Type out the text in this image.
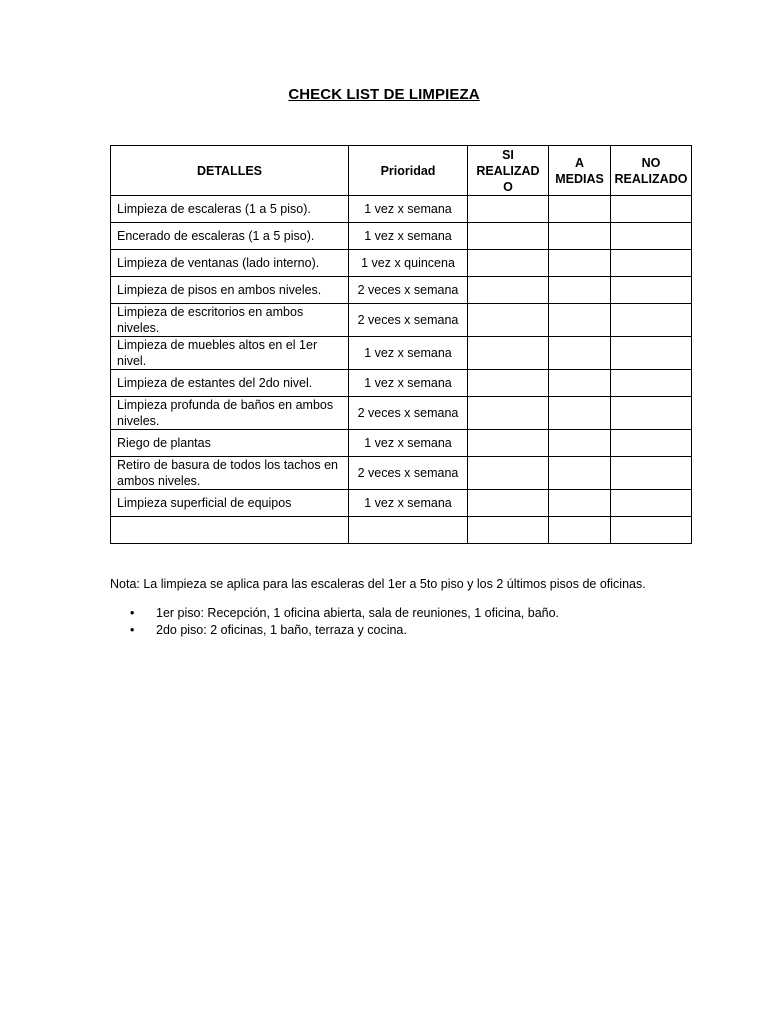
CHECK LIST DE LIMPIEZA
DETALLES	Prioridad	SI REALIZAD O	A MEDIAS	NO REALIZADO
Limpieza de escaleras (1 a 5 piso).	1 vez x semana			
Encerado de escaleras (1 a 5 piso).	1 vez x semana			
Limpieza de ventanas (lado interno).	1 vez x quincena			
Limpieza de pisos en ambos niveles.	2 veces x semana			
Limpieza de escritorios en ambos niveles.	2 veces x semana			
Limpieza de muebles altos en el 1er nivel.	1 vez x semana			
Limpieza de estantes del 2do nivel.	1 vez x semana			
Limpieza profunda de baños en ambos niveles.	2 veces x semana			
Riego de plantas	1 vez x semana			
Retiro de basura de todos los tachos en ambos niveles.	2 veces x semana			
Limpieza superficial de equipos	1 vez x semana			

Nota: La limpieza se aplica para las escaleras del 1er a 5to piso y los 2 últimos pisos de oficinas.
• 1er piso: Recepción, 1 oficina abierta, sala de reuniones, 1 oficina, baño.
• 2do piso: 2 oficinas, 1 baño, terraza y cocina.
